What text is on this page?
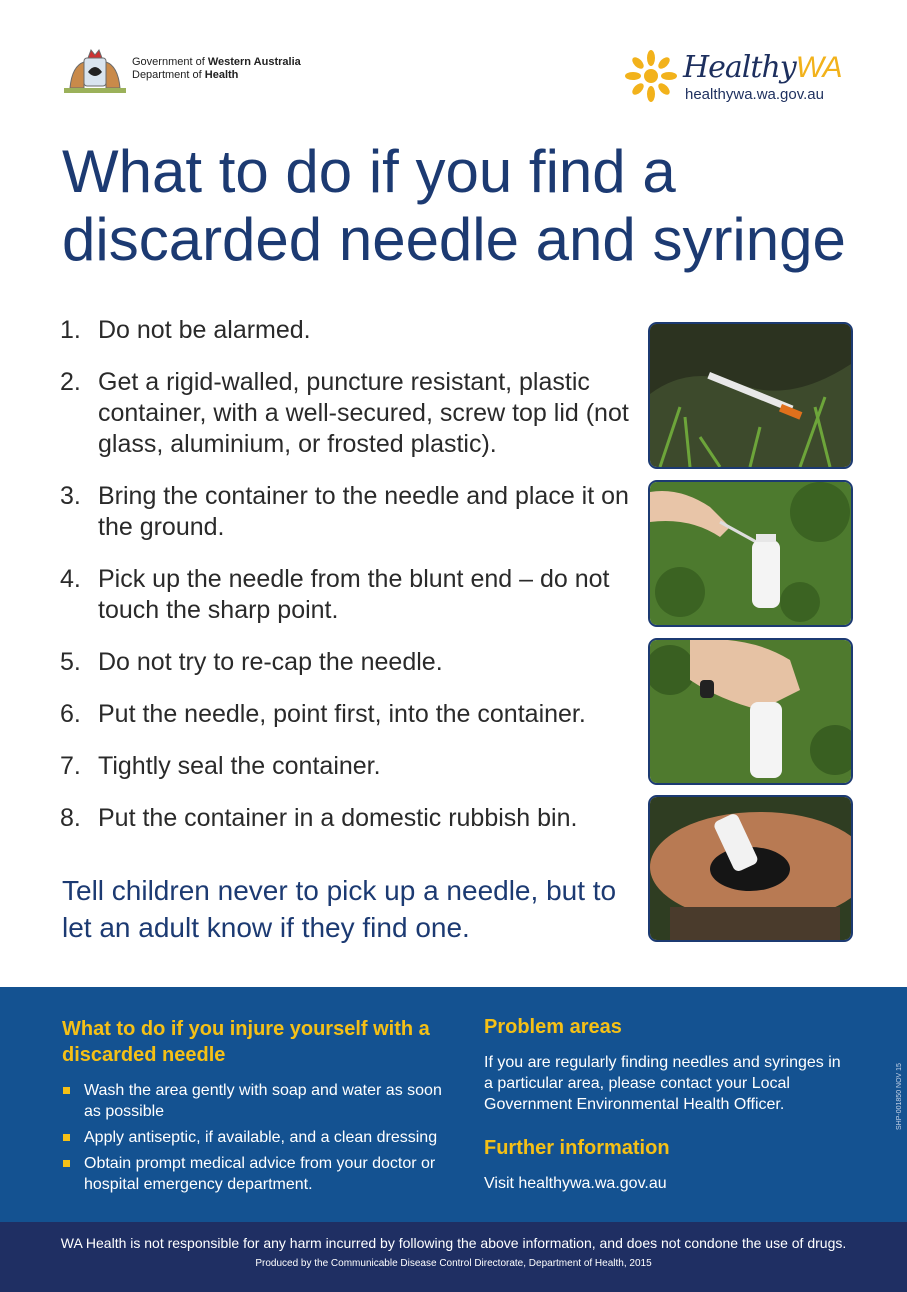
Government of Western Australia
Department of Health	HealthyWA
healthywa.wa.gov.au
What to do if you find a discarded needle and syringe
1. Do not be alarmed.
2. Get a rigid-walled, puncture resistant, plastic container, with a well-secured, screw top lid (not glass, aluminium, or frosted plastic).
3. Bring the container to the needle and place it on the ground.
4. Pick up the needle from the blunt end – do not touch the sharp point.
5. Do not try to re-cap the needle.
6. Put the needle, point first, into the container.
7. Tightly seal the container.
8. Put the container in a domestic rubbish bin.

Tell children never to pick up a needle, but to let an adult know if they find one.

What to do if you injure yourself with a discarded needle
Wash the area gently with soap and water as soon as possible
Apply antiseptic, if available, and a clean dressing
Obtain prompt medical advice from your doctor or hospital emergency department.
Problem areas

If you are regularly finding needles and syringes in a particular area, please contact your Local Government Environmental Health Officer.

Further information

Visit healthywa.wa.gov.au

SHP-001850 NOV 15
WA Health is not responsible for any harm incurred by following the above information, and does not condone the use of drugs.
Produced by the Communicable Disease Control Directorate, Department of Health, 2015
